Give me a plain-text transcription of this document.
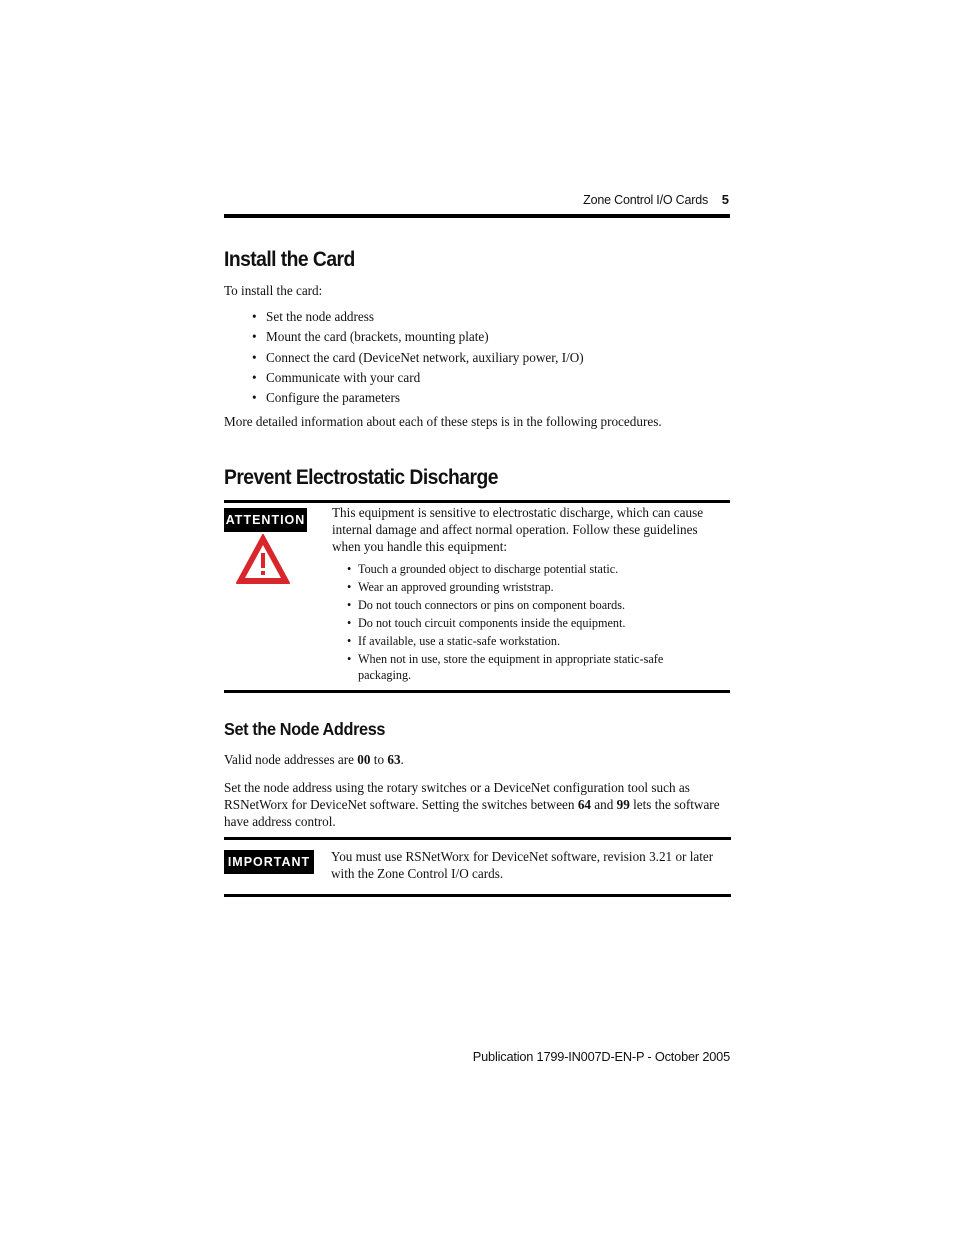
Zone Control I/O Cards 5
Install the Card

To install the card:

• Set the node address
• Mount the card (brackets, mounting plate)
• Connect the card (DeviceNet network, auxiliary power, I/O)
• Communicate with your card
• Configure the parameters

More detailed information about each of these steps is in the following procedures.

Prevent Electrostatic Discharge
ATTENTION This equipment is sensitive to electrostatic discharge, which can cause internal damage and affect normal operation. Follow these guidelines when you handle this equipment:

• Touch a grounded object to discharge potential static.
• Wear an approved grounding wriststrap.
• Do not touch connectors or pins on component boards.
• Do not touch circuit components inside the equipment.
• If available, use a static-safe workstation.
• When not in use, store the equipment in appropriate static-safe packaging.
Set the Node Address

Valid node addresses are 00 to 63.

Set the node address using the rotary switches or a DeviceNet configuration tool such as RSNetWorx for DeviceNet software. Setting the switches between 64 and 99 lets the software have address control.

IMPORTANT You must use RSNetWorx for DeviceNet software, revision 3.21 or later with the Zone Control I/O cards.

Publication 1799-IN007D-EN-P - October 2005
